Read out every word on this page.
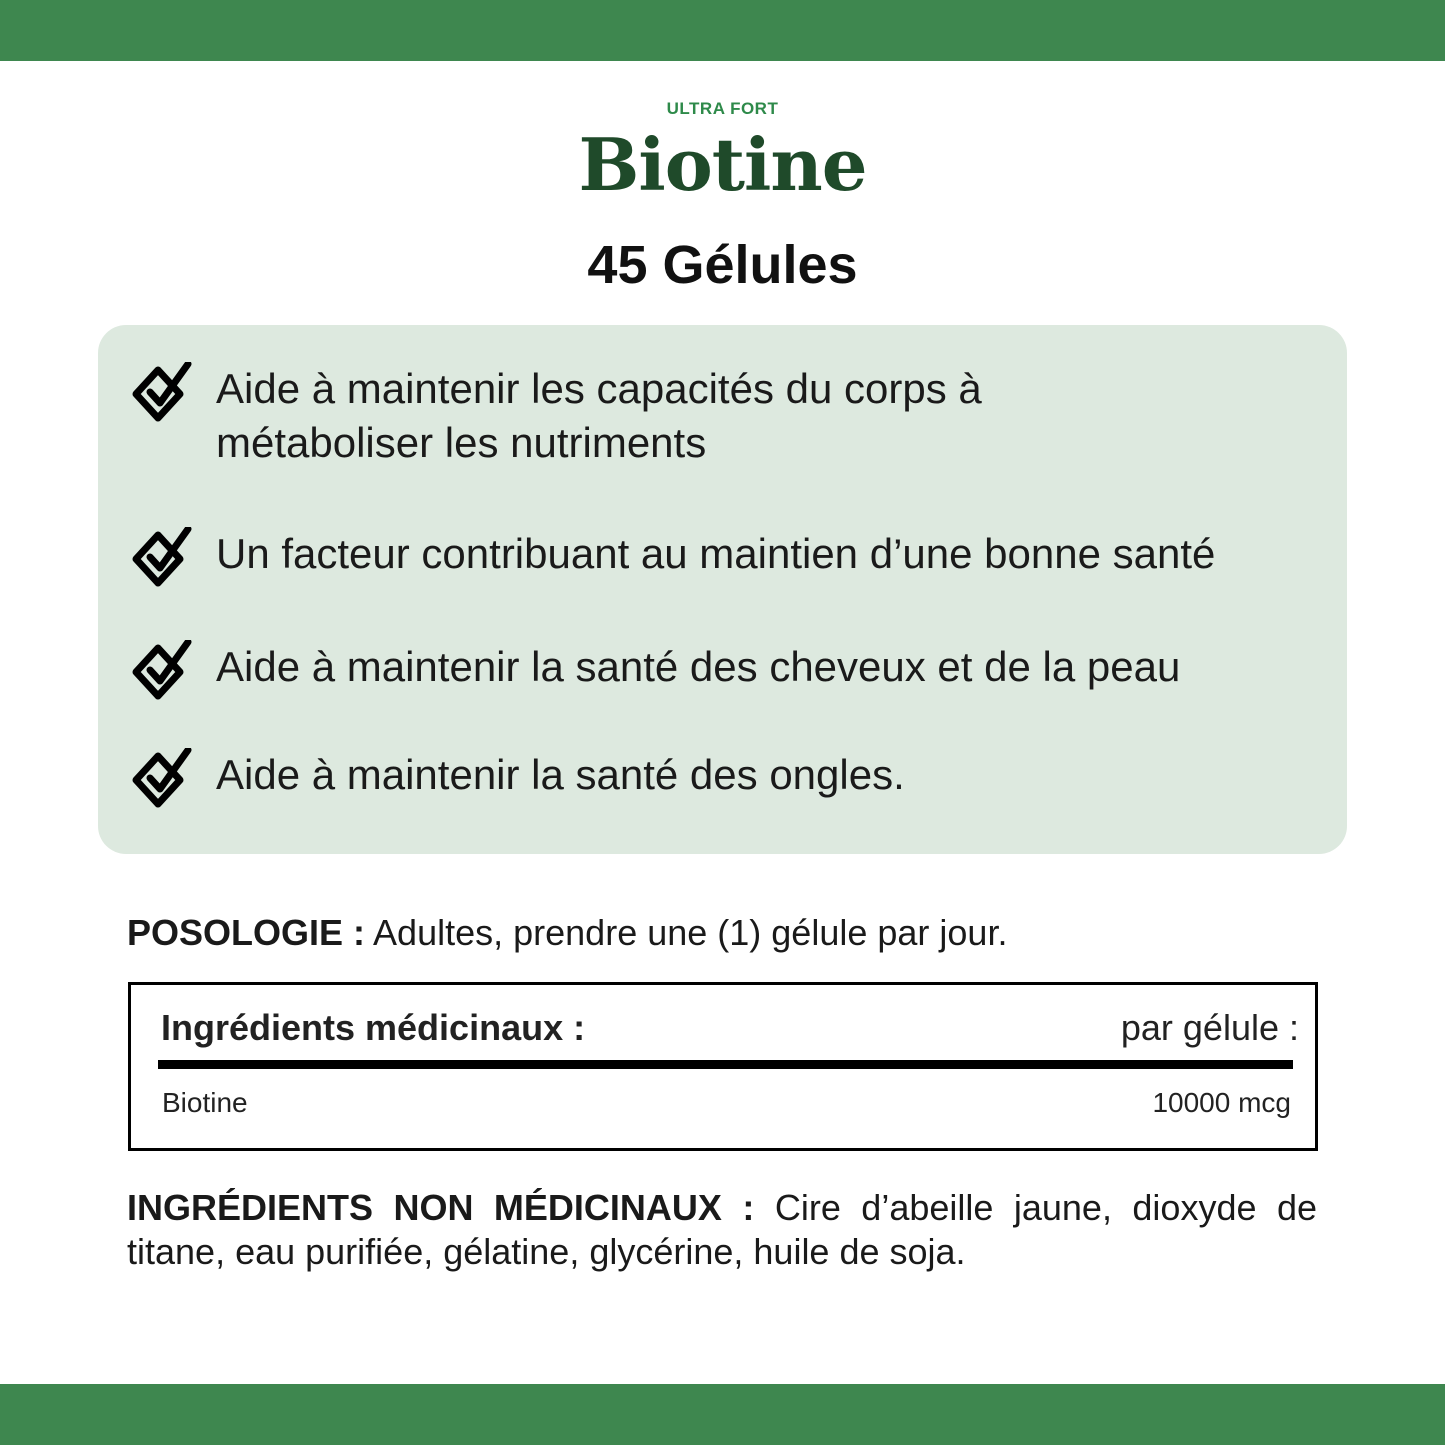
ULTRA FORT
Biotine
45 Gélules
Aide à maintenir les capacités du corps à
métaboliser les nutriments
Un facteur contribuant au maintien d’une bonne santé
Aide à maintenir la santé des cheveux et de la peau
Aide à maintenir la santé des ongles.
POSOLOGIE : Adultes, prendre une (1) gélule par jour.
Ingrédients médicinaux :	par gélule :
Biotine	10000 mcg
INGRÉDIENTS NON MÉDICINAUX : Cire d’abeille jaune, dioxyde de titane, eau purifiée, gélatine, glycérine, huile de soja.
